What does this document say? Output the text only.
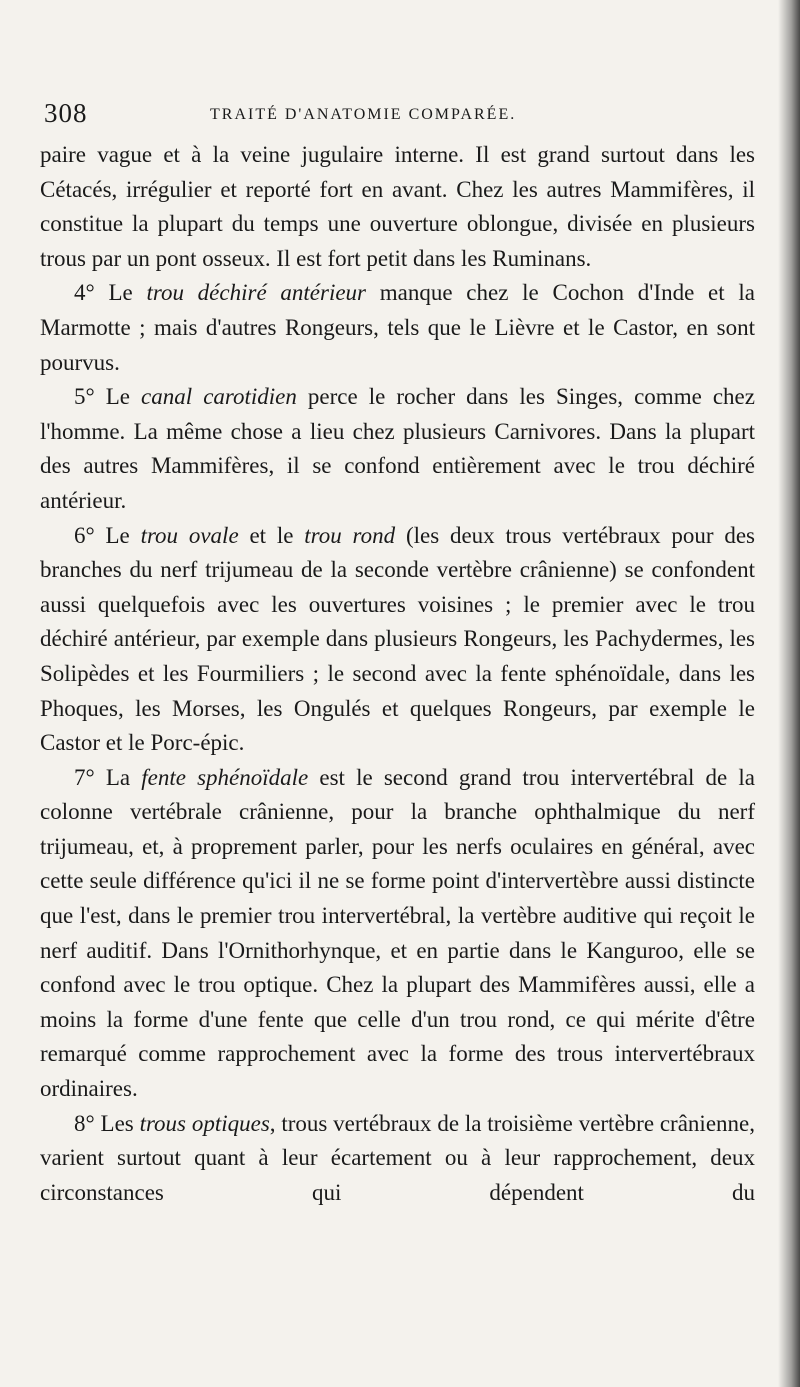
308	TRAITÉ D'ANATOMIE COMPARÉE.

paire vague et à la veine jugulaire interne. Il est grand surtout dans les Cétacés, irrégulier et reporté fort en avant. Chez les autres Mammifères, il constitue la plupart du temps une ouverture oblongue, divisée en plusieurs trous par un pont osseux. Il est fort petit dans les Ruminans.

4° Le trou déchiré antérieur manque chez le Cochon d'Inde et la Marmotte ; mais d'autres Rongeurs, tels que le Lièvre et le Castor, en sont pourvus.

5° Le canal carotidien perce le rocher dans les Singes, comme chez l'homme. La même chose a lieu chez plusieurs Carnivores. Dans la plupart des autres Mammifères, il se confond entièrement avec le trou déchiré antérieur.

6° Le trou ovale et le trou rond (les deux trous vertébraux pour des branches du nerf trijumeau de la seconde vertèbre crânienne) se confondent aussi quelquefois avec les ouvertures voisines ; le premier avec le trou déchiré antérieur, par exemple dans plusieurs Rongeurs, les Pachydermes, les Solipèdes et les Fourmiliers ; le second avec la fente sphénoïdale, dans les Phoques, les Morses, les Ongulés et quelques Rongeurs, par exemple le Castor et le Porc-épic.

7° La fente sphénoïdale est le second grand trou intervertébral de la colonne vertébrale crânienne, pour la branche ophthalmique du nerf trijumeau, et, à proprement parler, pour les nerfs oculaires en général, avec cette seule différence qu'ici il ne se forme point d'intervertèbre aussi distincte que l'est, dans le premier trou intervertébral, la vertèbre auditive qui reçoit le nerf auditif. Dans l'Ornithorhynque, et en partie dans le Kanguroo, elle se confond avec le trou optique. Chez la plupart des Mammifères aussi, elle a moins la forme d'une fente que celle d'un trou rond, ce qui mérite d'être remarqué comme rapprochement avec la forme des trous intervertébraux ordinaires.

8° Les trous optiques, trous vertébraux de la troisième vertèbre crânienne, varient surtout quant à leur écartement ou à leur rapprochement, deux circonstances qui dépendent du
